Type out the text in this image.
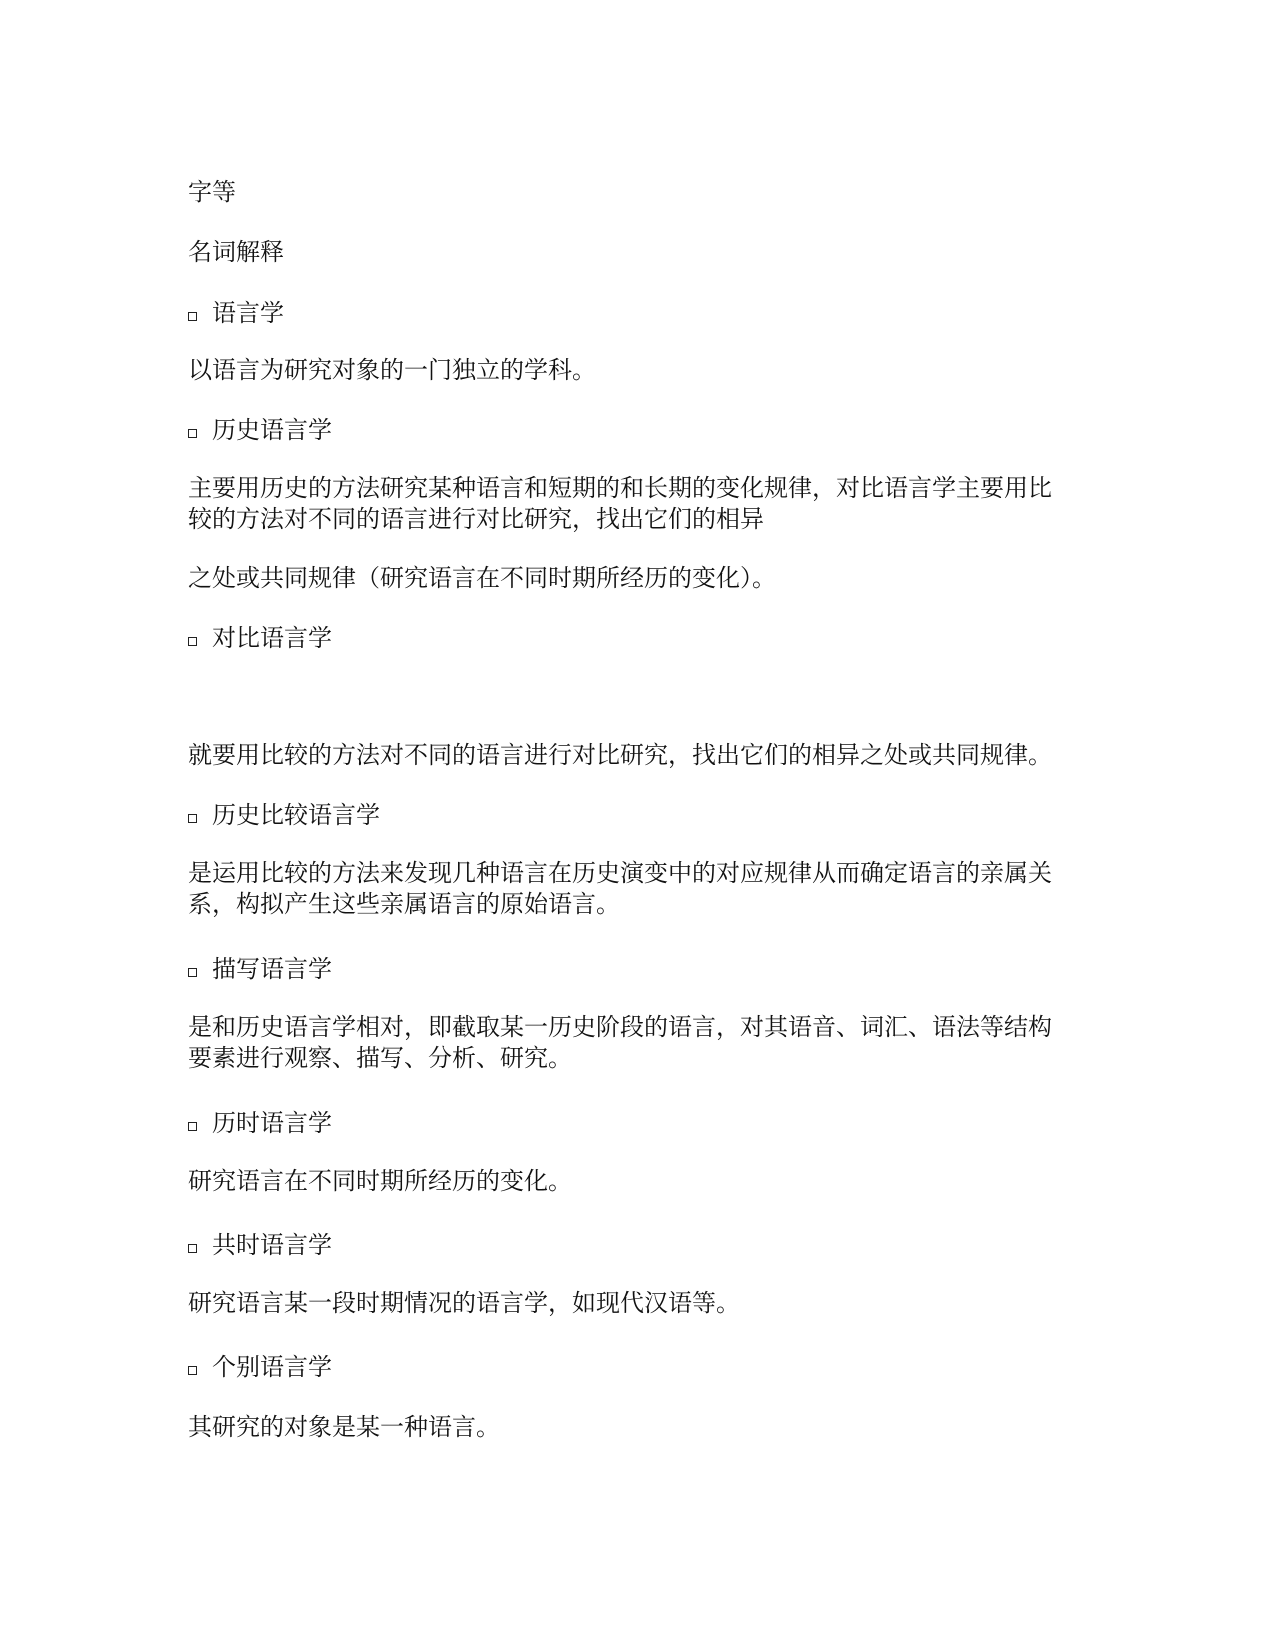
字等
名词解释
语言学
以语言为研究对象的一门独立的学科。
历史语言学
主要用历史的方法研究某种语言和短期的和长期的变化规律，对比语言学主要用比
较的方法对不同的语言进行对比研究，找出它们的相异
之处或共同规律（研究语言在不同时期所经历的变化）。
对比语言学
就要用比较的方法对不同的语言进行对比研究，找出它们的相异之处或共同规律。
历史比较语言学
是运用比较的方法来发现几种语言在历史演变中的对应规律从而确定语言的亲属关
系，构拟产生这些亲属语言的原始语言。
描写语言学
是和历史语言学相对，即截取某一历史阶段的语言，对其语音、词汇、语法等结构
要素进行观察、描写、分析、研究。
历时语言学
研究语言在不同时期所经历的变化。
共时语言学
研究语言某一段时期情况的语言学，如现代汉语等。
个别语言学
其研究的对象是某一种语言。
